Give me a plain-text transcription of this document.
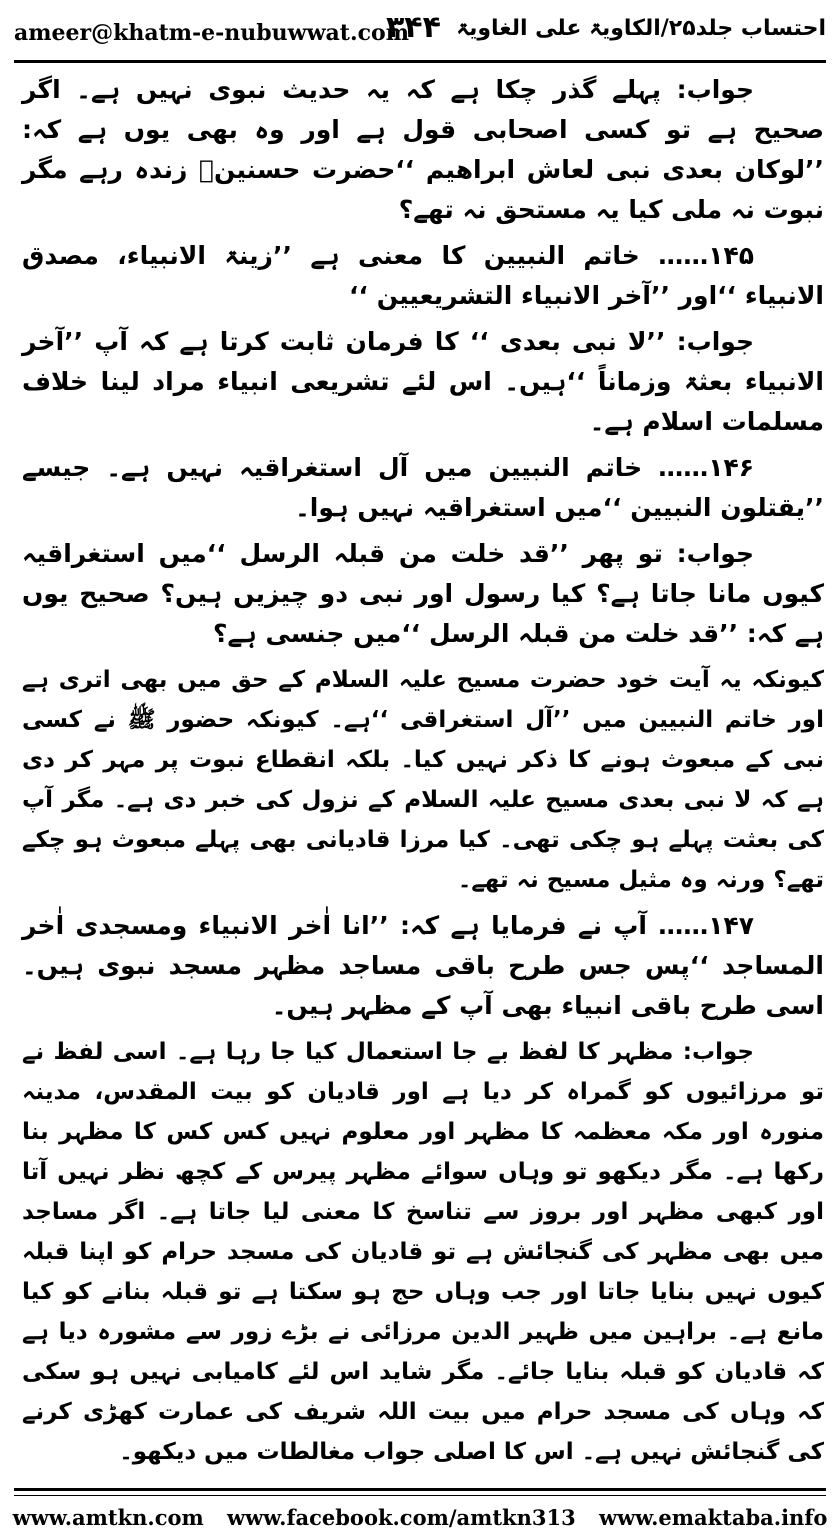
ameer@khatm-e-nubuwwat.com
۳۴۴ احتساب جلد۲۵/الکاویۃ علی الغاویۃ

جواب: پہلے گذر چکا ہے کہ یہ حدیث نبوی نہیں ہے۔ اگر صحیح ہے تو کسی اصحابی قول ہے اور وہ بھی یوں ہے کہ: ’’لوکان بعدی نبی لعاش ابراھیم ‘‘حضرت حسنینؓ زندہ رہے مگر نبوت نہ ملی کیا یہ مستحق نہ تھے؟

۱۴۵…… خاتم النبیین کا معنی ہے ’’زینۃ الانبیاء، مصدق الانبیاء ‘‘اور ’’آخر الانبیاء التشریعیین ‘‘

جواب: ’’لا نبی بعدی ‘‘ کا فرمان ثابت کرتا ہے کہ آپ ’’آخر الانبیاء بعثۃ وزماناً ‘‘ہیں۔ اس لئے تشریعی انبیاء مراد لینا خلاف مسلمات اسلام ہے۔

۱۴۶…… خاتم النبیین میں آل استغراقیہ نہیں ہے۔ جیسے ’’یقتلون النبیین ‘‘میں استغراقیہ نہیں ہوا۔

جواب: تو پھر ’’قد خلت من قبلہ الرسل ‘‘میں استغراقیہ کیوں مانا جاتا ہے؟ کیا رسول اور نبی دو چیزیں ہیں؟ صحیح یوں ہے کہ: ’’قد خلت من قبلہ الرسل ‘‘میں جنسی ہے؟

کیونکہ یہ آیت خود حضرت مسیح علیہ السلام کے حق میں بھی اتری ہے اور خاتم النبیین میں ’’آل استغراقی ‘‘ہے۔ کیونکہ حضور ﷺ نے کسی نبی کے مبعوث ہونے کا ذکر نہیں کیا۔ بلکہ انقطاع نبوت پر مہر کر دی ہے کہ لا نبی بعدی مسیح علیہ السلام کے نزول کی خبر دی ہے۔ مگر آپ کی بعثت پہلے ہو چکی تھی۔ کیا مرزا قادیانی بھی پہلے مبعوث ہو چکے تھے؟ ورنہ وہ مثیل مسیح نہ تھے۔

۱۴۷…… آپ نے فرمایا ہے کہ: ’’انا اٰخر الانبیاء ومسجدی اٰخر المساجد ‘‘پس جس طرح باقی مساجد مظہر مسجد نبوی ہیں۔ اسی طرح باقی انبیاء بھی آپ کے مظہر ہیں۔

جواب: مظہر کا لفظ بے جا استعمال کیا جا رہا ہے۔ اسی لفظ نے تو مرزائیوں کو گمراہ کر دیا ہے اور قادیان کو بیت المقدس، مدینہ منورہ اور مکہ معظمہ کا مظہر اور معلوم نہیں کس کس کا مظہر بنا رکھا ہے۔ مگر دیکھو تو وہاں سوائے مظہر پیرس کے کچھ نظر نہیں آتا اور کبھی مظہر اور بروز سے تناسخ کا معنی لیا جاتا ہے۔ اگر مساجد میں بھی مظہر کی گنجائش ہے تو قادیان کی مسجد حرام کو اپنا قبلہ کیوں نہیں بنایا جاتا اور جب وہاں حج ہو سکتا ہے تو قبلہ بنانے کو کیا مانع ہے۔ براہین میں ظہیر الدین مرزائی نے بڑے زور سے مشورہ دیا ہے کہ قادیان کو قبلہ بنایا جائے۔ مگر شاید اس لئے کامیابی نہیں ہو سکی کہ وہاں کی مسجد حرام میں بیت اللہ شریف کی عمارت کھڑی کرنے کی گنجائش نہیں ہے۔ اس کا اصلی جواب مغالطات میں دیکھو۔

www.amtkn.com www.facebook.com/amtkn313 www.emaktaba.info
